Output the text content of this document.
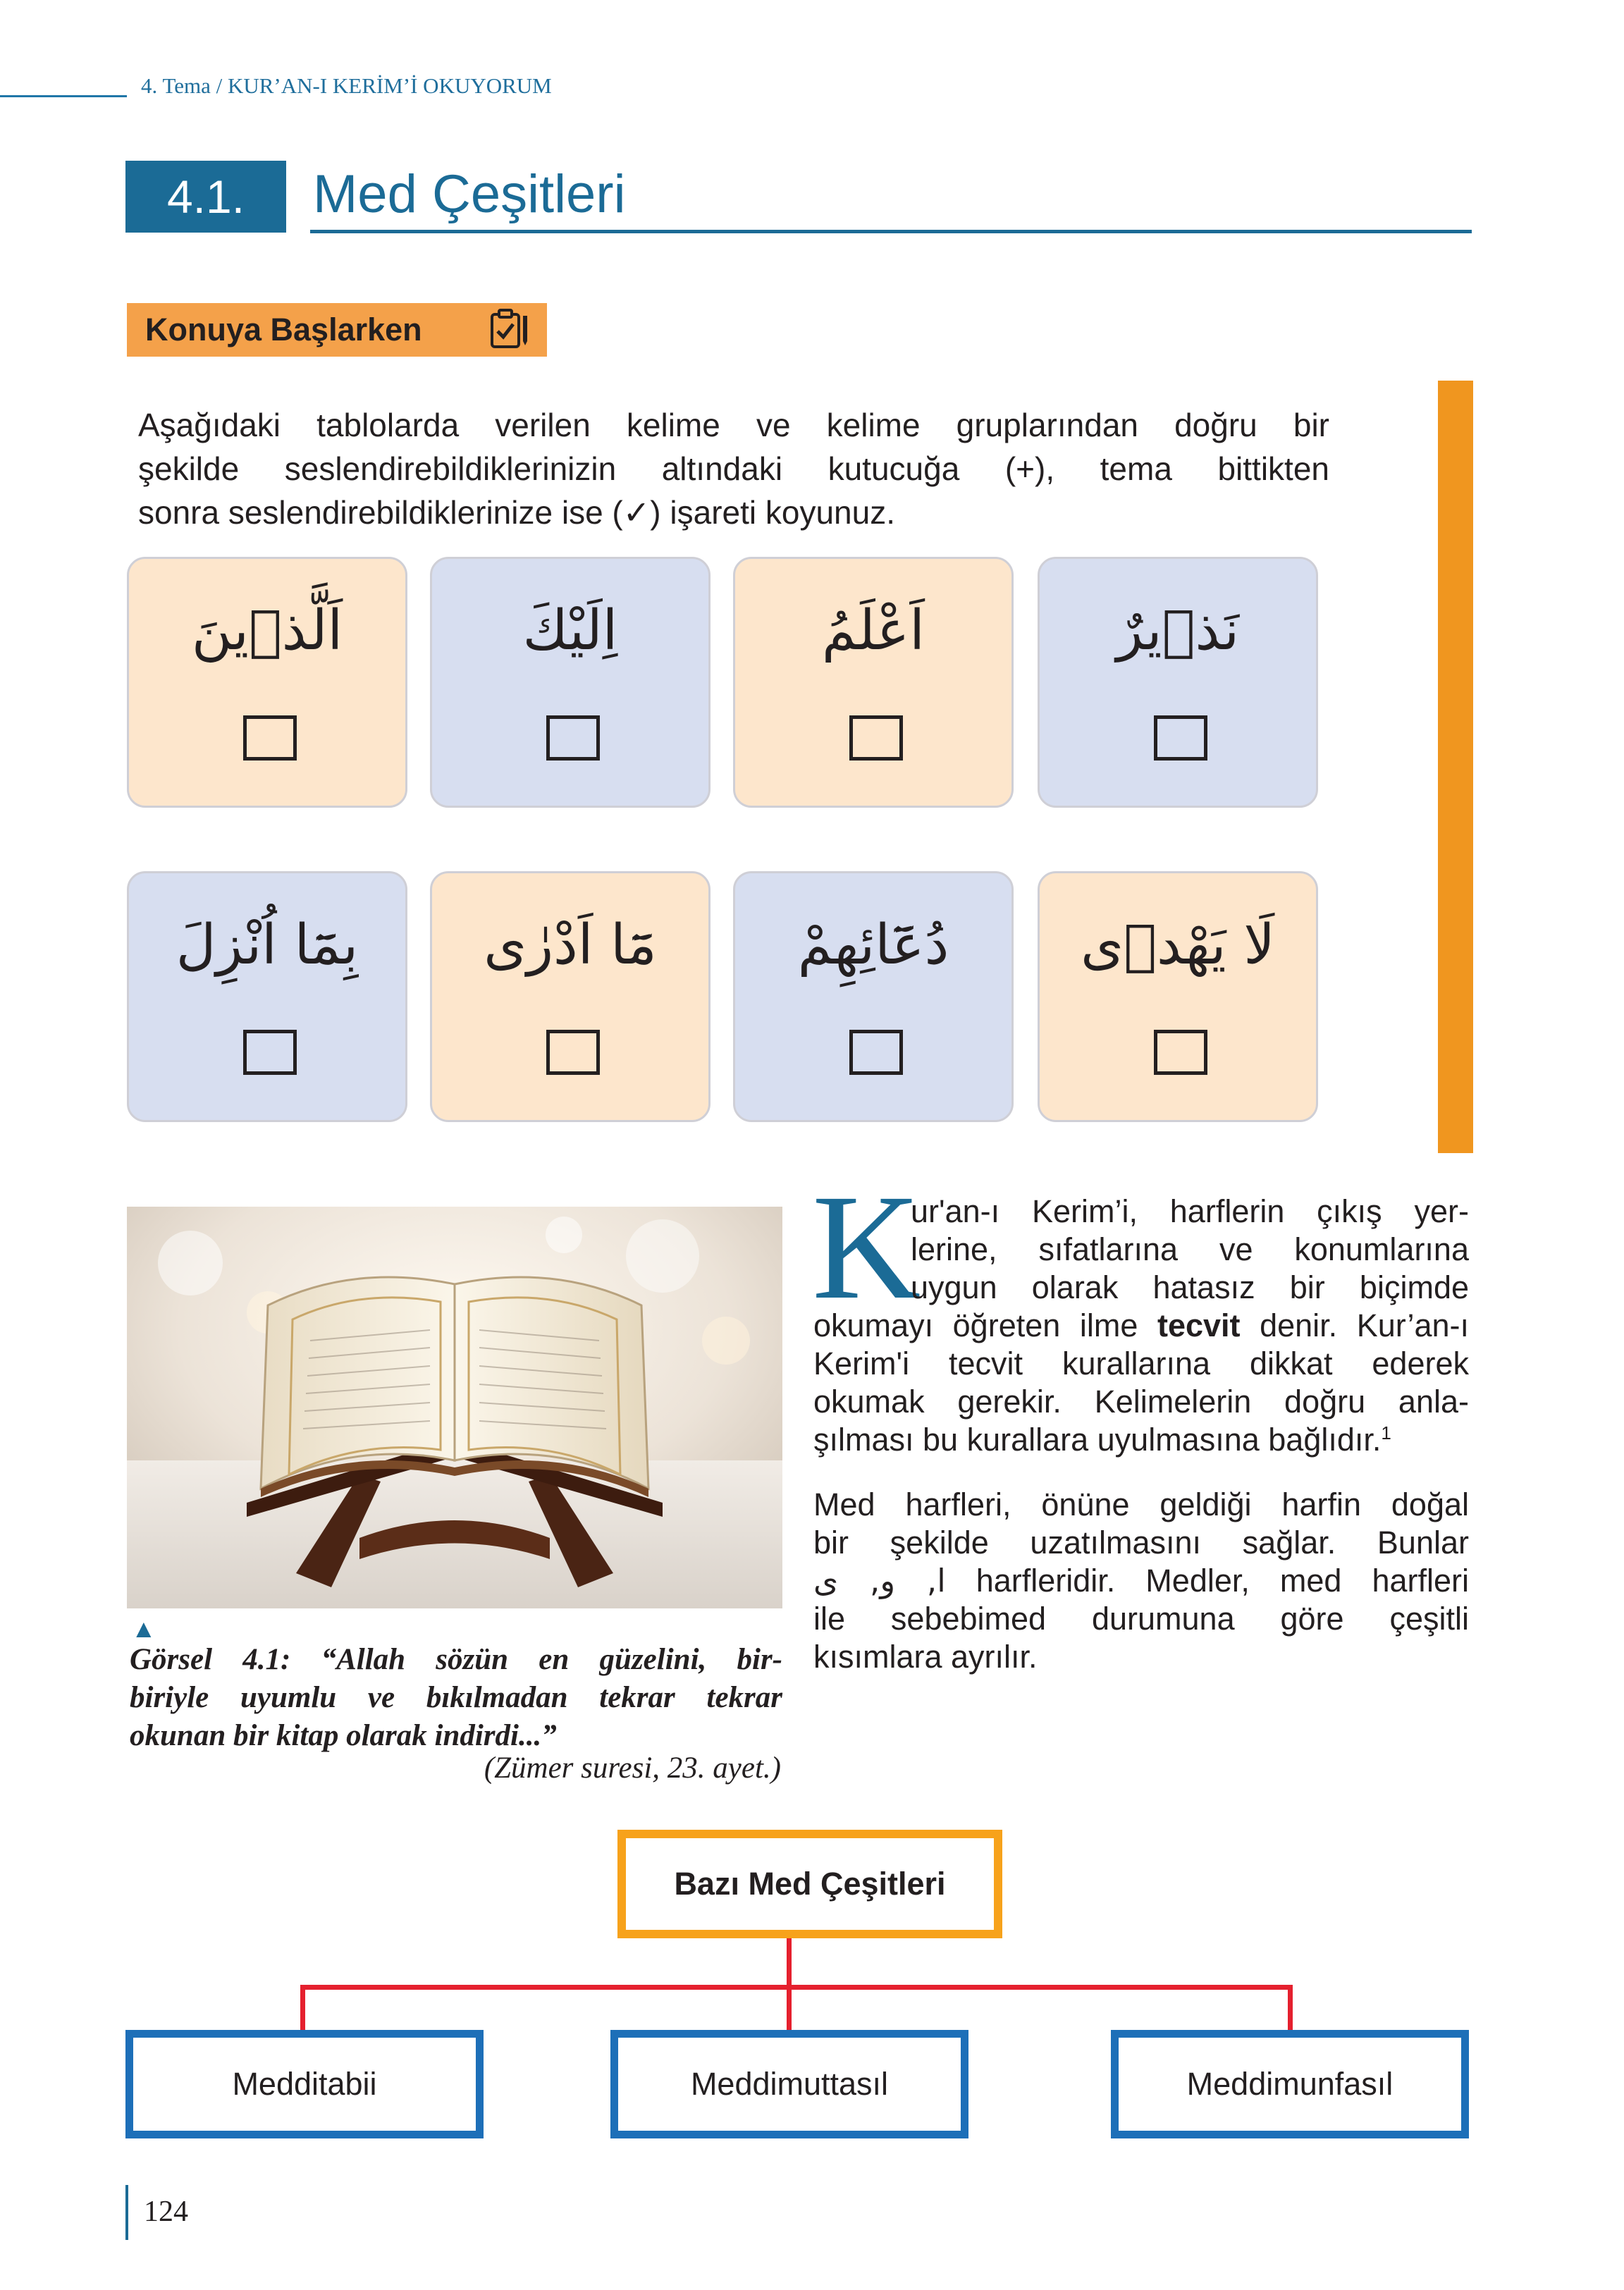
4. Tema / KUR’AN-I KERİM’İ OKUYORUM
4.1.	Med Çeşitleri
Konuya Başlarken
Aşağıdaki tablolarda verilen kelime ve kelime gruplarından doğru bir
şekilde seslendirebildiklerinizin altındaki kutucuğa (+), tema bittikten
sonra seslendirebildiklerinize ise (✓) işareti koyunuz.
اَلَّذٖينَ	اِلَيْكَ	اَعْلَمُ	نَذٖيرٌ
بِمَٓا اُنْزِلَ	مَٓا اَدْرٰى	دُعَٓائِهِمْ	لَا يَهْدٖى
▲
Görsel 4.1: “Allah sözün en güzelini, bir-
biriyle uyumlu ve bıkılmadan tekrar tekrar
okunan bir kitap olarak indirdi...”
(Zümer suresi, 23. ayet.)
K
ur'an-ı Kerim’i, harflerin çıkış yer-
lerine, sıfatlarına ve konumlarına
uygun olarak hatasız bir biçimde
okumayı öğreten ilme tecvit denir. Kur’an-ı
Kerim'i tecvit kurallarına dikkat ederek
okumak gerekir. Kelimelerin doğru anla-
şılması bu kurallara uyulmasına bağlıdır.$^1$
Med harfleri, önüne geldiği harfin doğal
bir şekilde uzatılmasını sağlar. Bunlar
ا, و, ى harfleridir. Medler, med harfleri
ile sebebimed durumuna göre çeşitli
kısımlara ayrılır.
Bazı Med Çeşitleri
Medditabii	Meddimuttasıl	Meddimunfasıl
124
